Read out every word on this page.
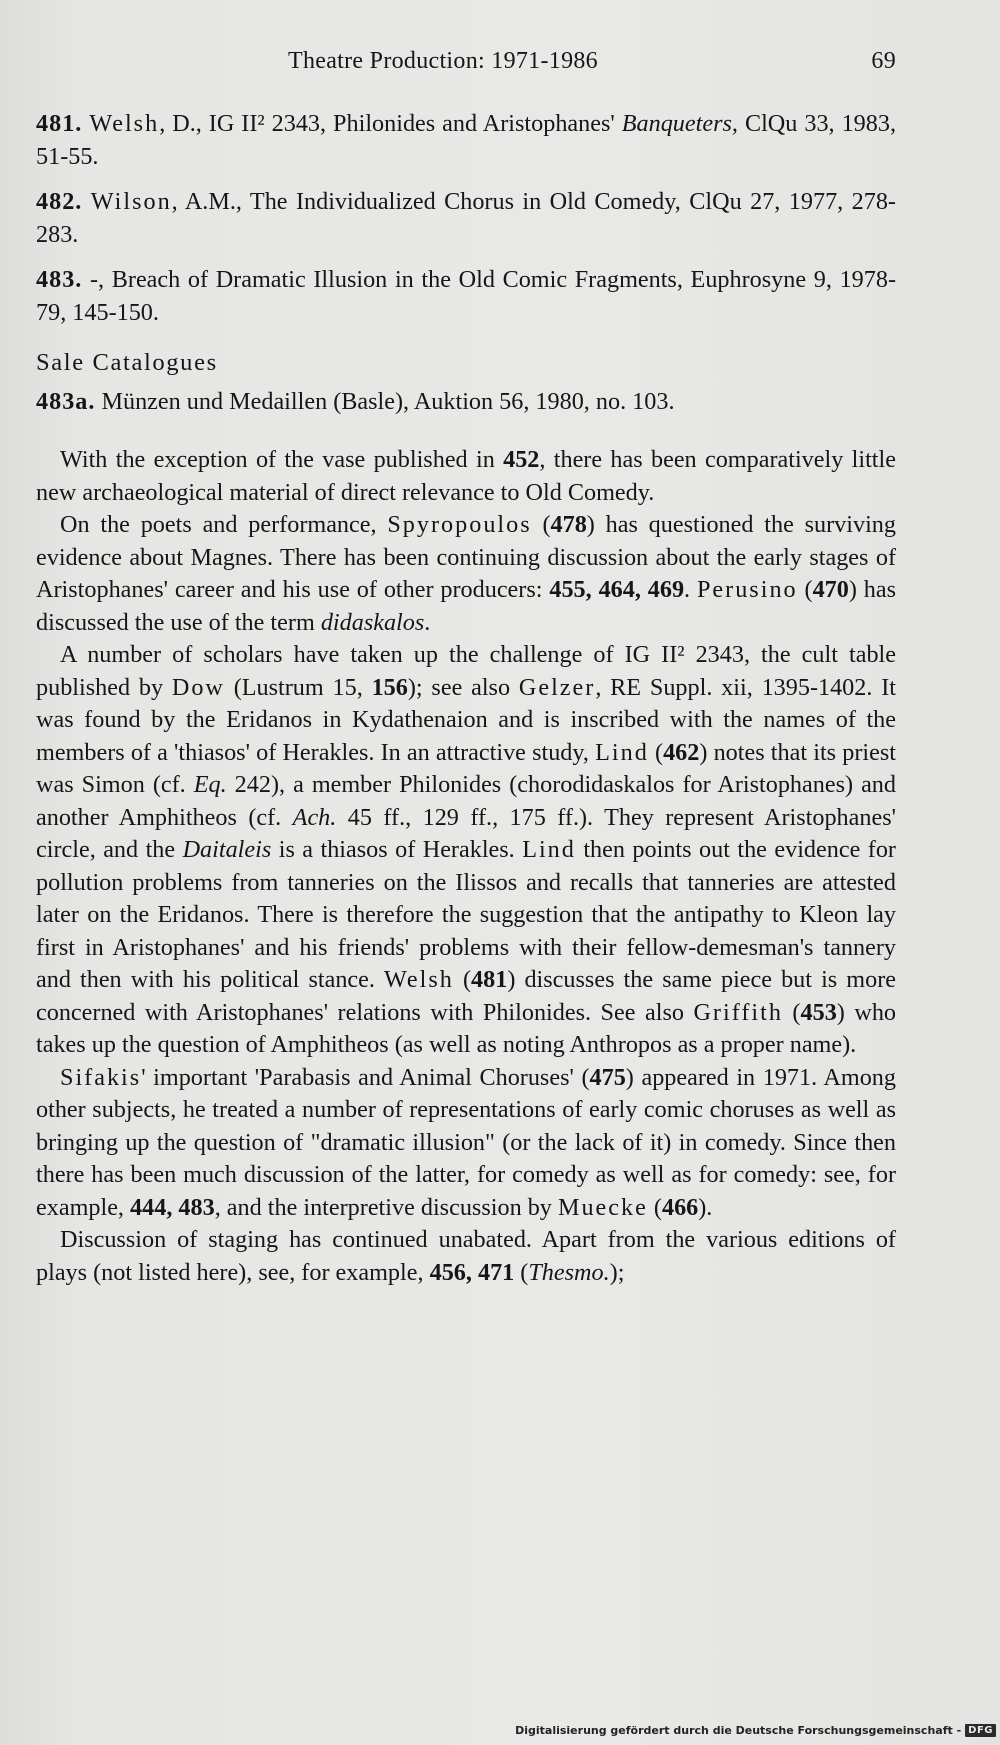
Theatre Production: 1971-1986	69
481. Welsh, D., IG II² 2343, Philonides and Aristophanes' Banqueters, ClQu 33, 1983, 51-55.
482. Wilson, A.M., The Individualized Chorus in Old Comedy, ClQu 27, 1977, 278-283.
483. -, Breach of Dramatic Illusion in the Old Comic Fragments, Euphrosyne 9, 1978-79, 145-150.
Sale Catalogues
483a. Münzen und Medaillen (Basle), Auktion 56, 1980, no. 103.

With the exception of the vase published in 452, there has been comparatively little new archaeological material of direct relevance to Old Comedy.

On the poets and performance, Spyropoulos (478) has questioned the surviving evidence about Magnes. There has been continuing discussion about the early stages of Aristophanes' career and his use of other producers: 455, 464, 469. Perusino (470) has discussed the use of the term didaskalos.

A number of scholars have taken up the challenge of IG II² 2343, the cult table published by Dow (Lustrum 15, 156); see also Gelzer, RE Suppl. xii, 1395-1402. It was found by the Eridanos in Kydathenaion and is inscribed with the names of the members of a 'thiasos' of Herakles. In an attractive study, Lind (462) notes that its priest was Simon (cf. Eq. 242), a member Philonides (chorodidaskalos for Aristophanes) and another Amphitheos (cf. Ach. 45 ff., 129 ff., 175 ff.). They represent Aristophanes' circle, and the Daitaleis is a thiasos of Herakles. Lind then points out the evidence for pollution problems from tanneries on the Ilissos and recalls that tanneries are attested later on the Eridanos. There is therefore the suggestion that the antipathy to Kleon lay first in Aristophanes' and his friends' problems with their fellow-demesman's tannery and then with his political stance. Welsh (481) discusses the same piece but is more concerned with Aristophanes' relations with Philonides. See also Griffith (453) who takes up the question of Amphitheos (as well as noting Anthropos as a proper name).

Sifakis' important 'Parabasis and Animal Choruses' (475) appeared in 1971. Among other subjects, he treated a number of representations of early comic choruses as well as bringing up the question of "dramatic illusion" (or the lack of it) in comedy. Since then there has been much discussion of the latter, for comedy as well as for comedy: see, for example, 444, 483, and the interpretive discussion by Muecke (466).

Discussion of staging has continued unabated. Apart from the various editions of plays (not listed here), see, for example, 456, 471 (Thesmo.);

Digitalisierung gefördert durch die Deutsche Forschungsgemeinschaft - DFG
